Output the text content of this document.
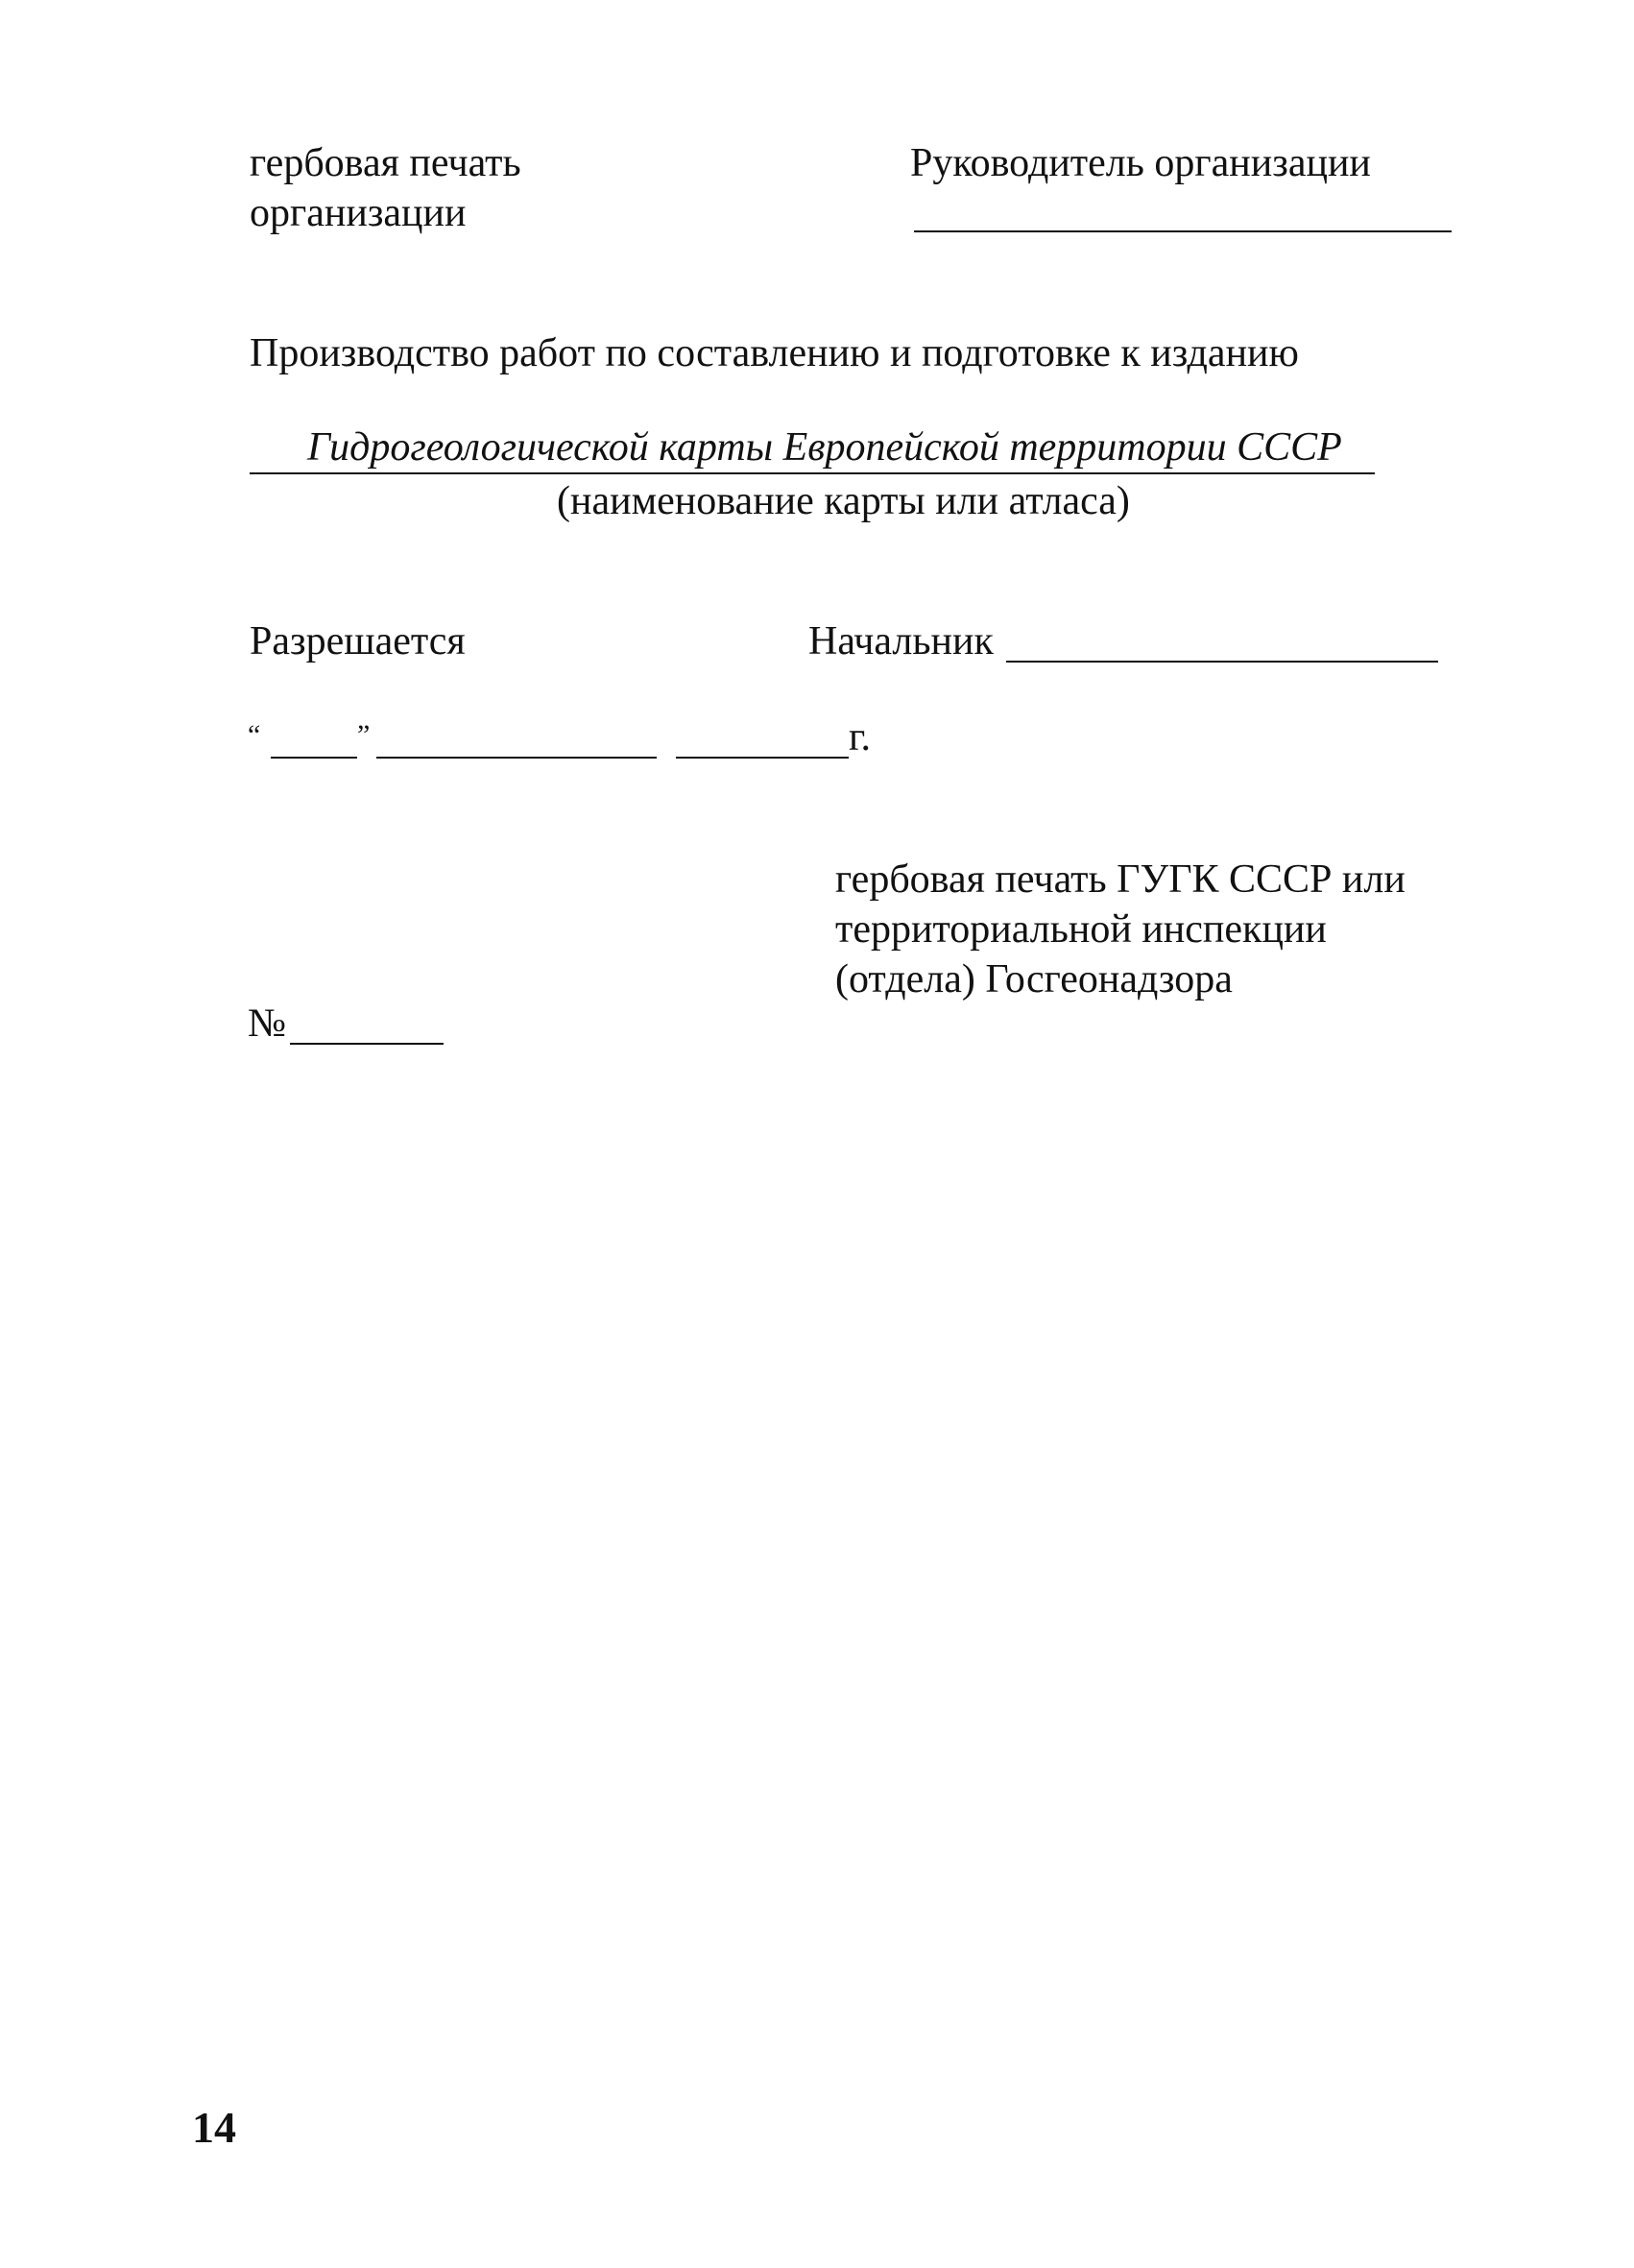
гербовая печать
организации
Руководитель организации
Производство работ по составлению и подготовке к изданию
Гидрогеологической карты Европейской территории СССР
(наименование карты или атласа)
Разрешается	Начальник
“	”	г.
гербовая печать ГУГК СССР или
территориальной инспекции
(отдела) Госгеонадзора
№
14
